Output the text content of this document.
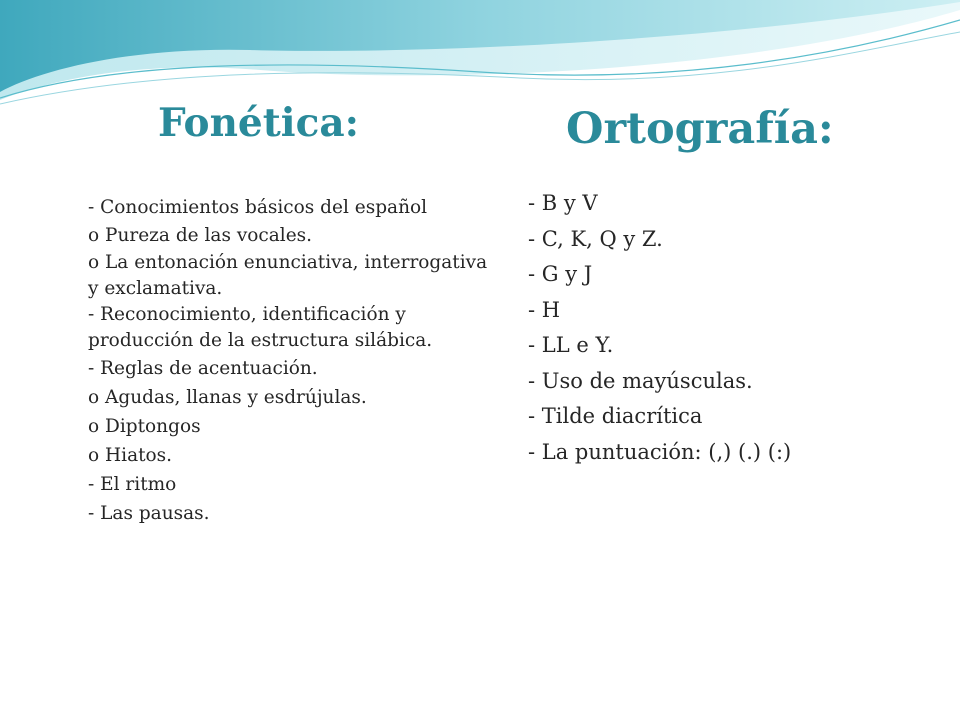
Fonética:	Ortografía:
- Conocimientos básicos del español
o Pureza de las vocales.
o La entonación enunciativa, interrogativa y exclamativa.
- Reconocimiento, identificación y producción de la estructura silábica.
- Reglas de acentuación.
o Agudas, llanas y esdrújulas.
o Diptongos
o Hiatos.
- El ritmo
- Las pausas.
- B y V
- C, K, Q y Z.
- G y J
- H
- LL e Y.
- Uso de mayúsculas.
- Tilde diacrítica
- La puntuación: (,) (.) (:)
